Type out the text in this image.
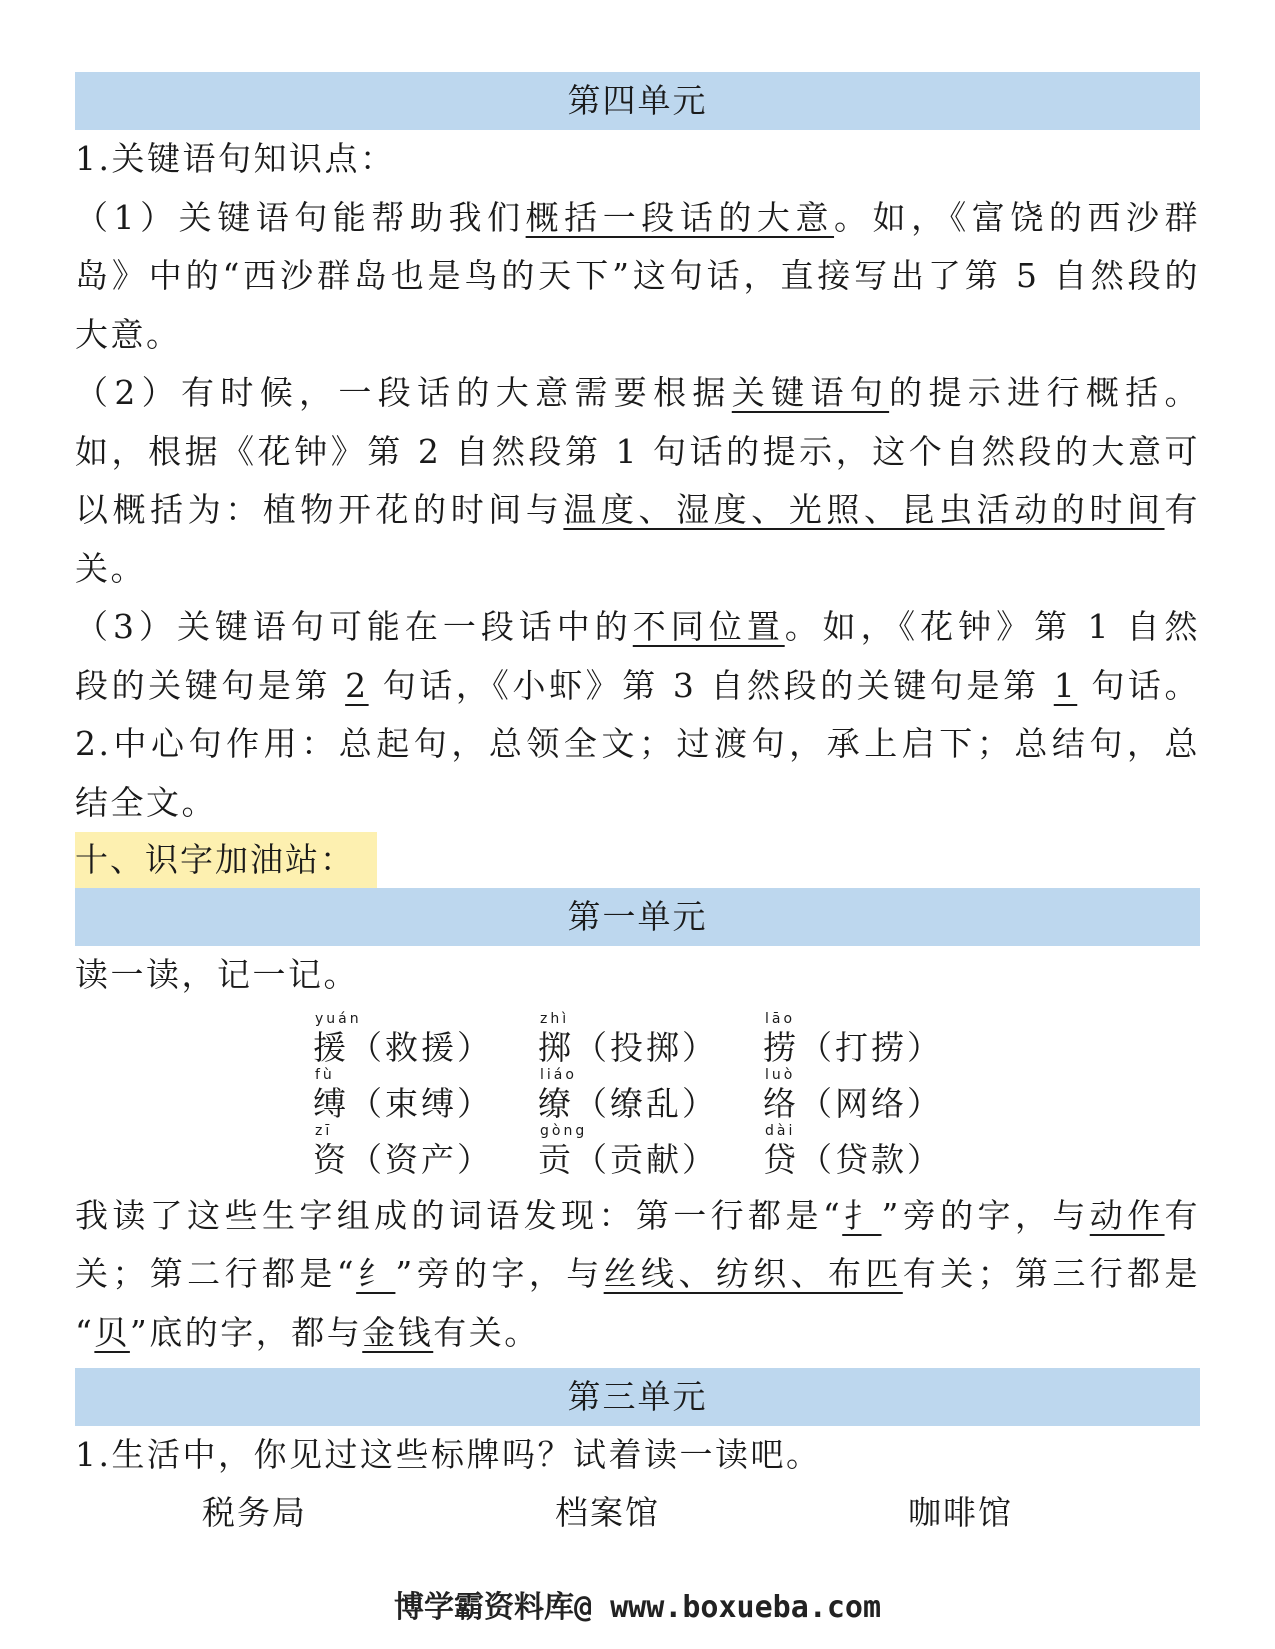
第四单元
1.关键语句知识点：
（1）关键语句能帮助我们概括一段话的大意。如，《富饶的西沙群
岛》中的“西沙群岛也是鸟的天下”这句话，直接写出了第 5 自然段的
大意。
（2）有时候，一段话的大意需要根据关键语句的提示进行概括。
如，根据《花钟》第 2 自然段第 1 句话的提示，这个自然段的大意可
以概括为：植物开花的时间与温度、湿度、光照、昆虫活动的时间有
关。
（3）关键语句可能在一段话中的不同位置。如，《花钟》第 1 自然
段的关键句是第 2 句话，《小虾》第 3 自然段的关键句是第 1 句话。
2.中心句作用：总起句，总领全文；过渡句，承上启下；总结句，总
结全文。
十、识字加油站：
第一单元
读一读，记一记。
yuán
援（救援）
zhì
掷（投掷）
lāo
捞（打捞）
fù
缚（束缚）
liáo
缭（缭乱）
luò
络（网络）
zī
资（资产）
gòng
贡（贡献）
dài
贷（贷款）
我读了这些生字组成的词语发现：第一行都是“扌”旁的字，与动作有
关；第二行都是“纟”旁的字，与丝线、纺织、布匹有关；第三行都是
“贝”底的字，都与金钱有关。
第三单元
1.生活中，你见过这些标牌吗？试着读一读吧。
税务局	档案馆	咖啡馆
博学霸资料库@ www.boxueba.com
